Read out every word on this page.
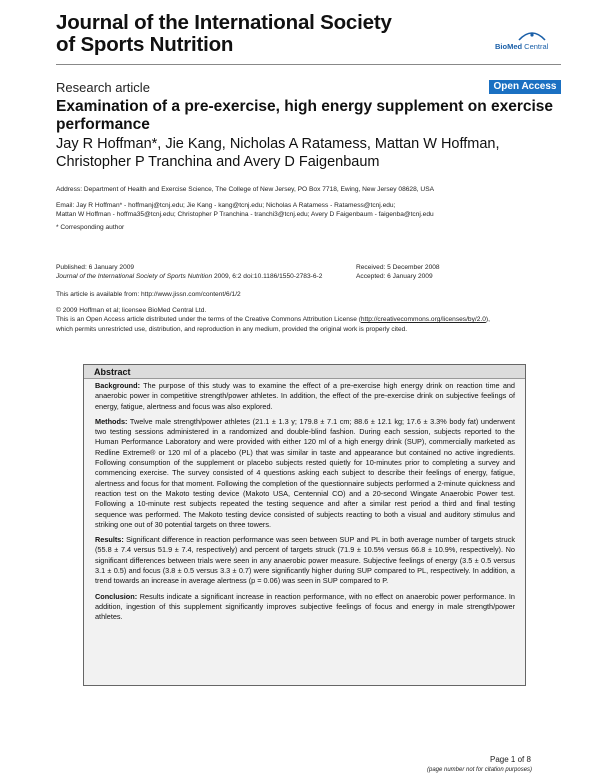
Journal of the International Society
of Sports Nutrition	BioMed Central
Research article	Open Access
Examination of a pre-exercise, high energy supplement on exercise performance
Jay R Hoffman*, Jie Kang, Nicholas A Ratamess, Mattan W Hoffman, Christopher P Tranchina and Avery D Faigenbaum
Address: Department of Health and Exercise Science, The College of New Jersey, PO Box 7718, Ewing, New Jersey 08628, USA
Email: Jay R Hoffman* - hoffmanj@tcnj.edu; Jie Kang - kang@tcnj.edu; Nicholas A Ratamess - Ratamess@tcnj.edu;
Mattan W Hoffman - hoffma35@tcnj.edu; Christopher P Tranchina - tranchi3@tcnj.edu; Avery D Faigenbaum - faigenba@tcnj.edu
* Corresponding author
Published: 6 January 2009
Journal of the International Society of Sports Nutrition 2009, 6:2 doi:10.1186/1550-2783-6-2
Received: 5 December 2008
Accepted: 6 January 2009
This article is available from: http://www.jissn.com/content/6/1/2
© 2009 Hoffman et al; licensee BioMed Central Ltd.
This is an Open Access article distributed under the terms of the Creative Commons Attribution License (http://creativecommons.org/licenses/by/2.0),
which permits unrestricted use, distribution, and reproduction in any medium, provided the original work is properly cited.
Abstract

Background: The purpose of this study was to examine the effect of a pre-exercise high energy drink on reaction time and anaerobic power in competitive strength/power athletes. In addition, the effect of the pre-exercise drink on subjective feelings of energy, fatigue, alertness and focus was also explored.

Methods: Twelve male strength/power athletes (21.1 ± 1.3 y; 179.8 ± 7.1 cm; 88.6 ± 12.1 kg; 17.6 ± 3.3% body fat) underwent two testing sessions administered in a randomized and double-blind fashion. During each session, subjects reported to the Human Performance Laboratory and were provided with either 120 ml of a high energy drink (SUP), commercially marketed as Redline Extreme® or 120 ml of a placebo (PL) that was similar in taste and appearance but contained no active ingredients. Following consumption of the supplement or placebo subjects rested quietly for 10-minutes prior to completing a survey and commencing exercise. The survey consisted of 4 questions asking each subject to describe their feelings of energy, fatigue, alertness and focus for that moment. Following the completion of the questionnaire subjects performed a 2-minute quickness and reaction test on the Makoto testing device (Makoto USA, Centennial CO) and a 20-second Wingate Anaerobic Power test. Following a 10-minute rest subjects repeated the testing sequence and after a similar rest period a third and final testing sequence was performed. The Makoto testing device consisted of subjects reacting to both a visual and auditory stimulus and striking one out of 30 potential targets on three towers.

Results: Significant difference in reaction performance was seen between SUP and PL in both average number of targets struck (55.8 ± 7.4 versus 51.9 ± 7.4, respectively) and percent of targets struck (71.9 ± 10.5% versus 66.8 ± 10.9%, respectively). No significant differences between trials were seen in any anaerobic power measure. Subjective feelings of energy (3.5 ± 0.5 versus 3.1 ± 0.5) and focus (3.8 ± 0.5 versus 3.3 ± 0.7) were significantly higher during SUP compared to PL, respectively. In addition, a trend towards an increase in average alertness (p = 0.06) was seen in SUP compared to P.

Conclusion: Results indicate a significant increase in reaction performance, with no effect on anaerobic power performance. In addition, ingestion of this supplement significantly improves subjective feelings of focus and energy in male strength/power athletes.

Page 1 of 8
(page number not for citation purposes)
